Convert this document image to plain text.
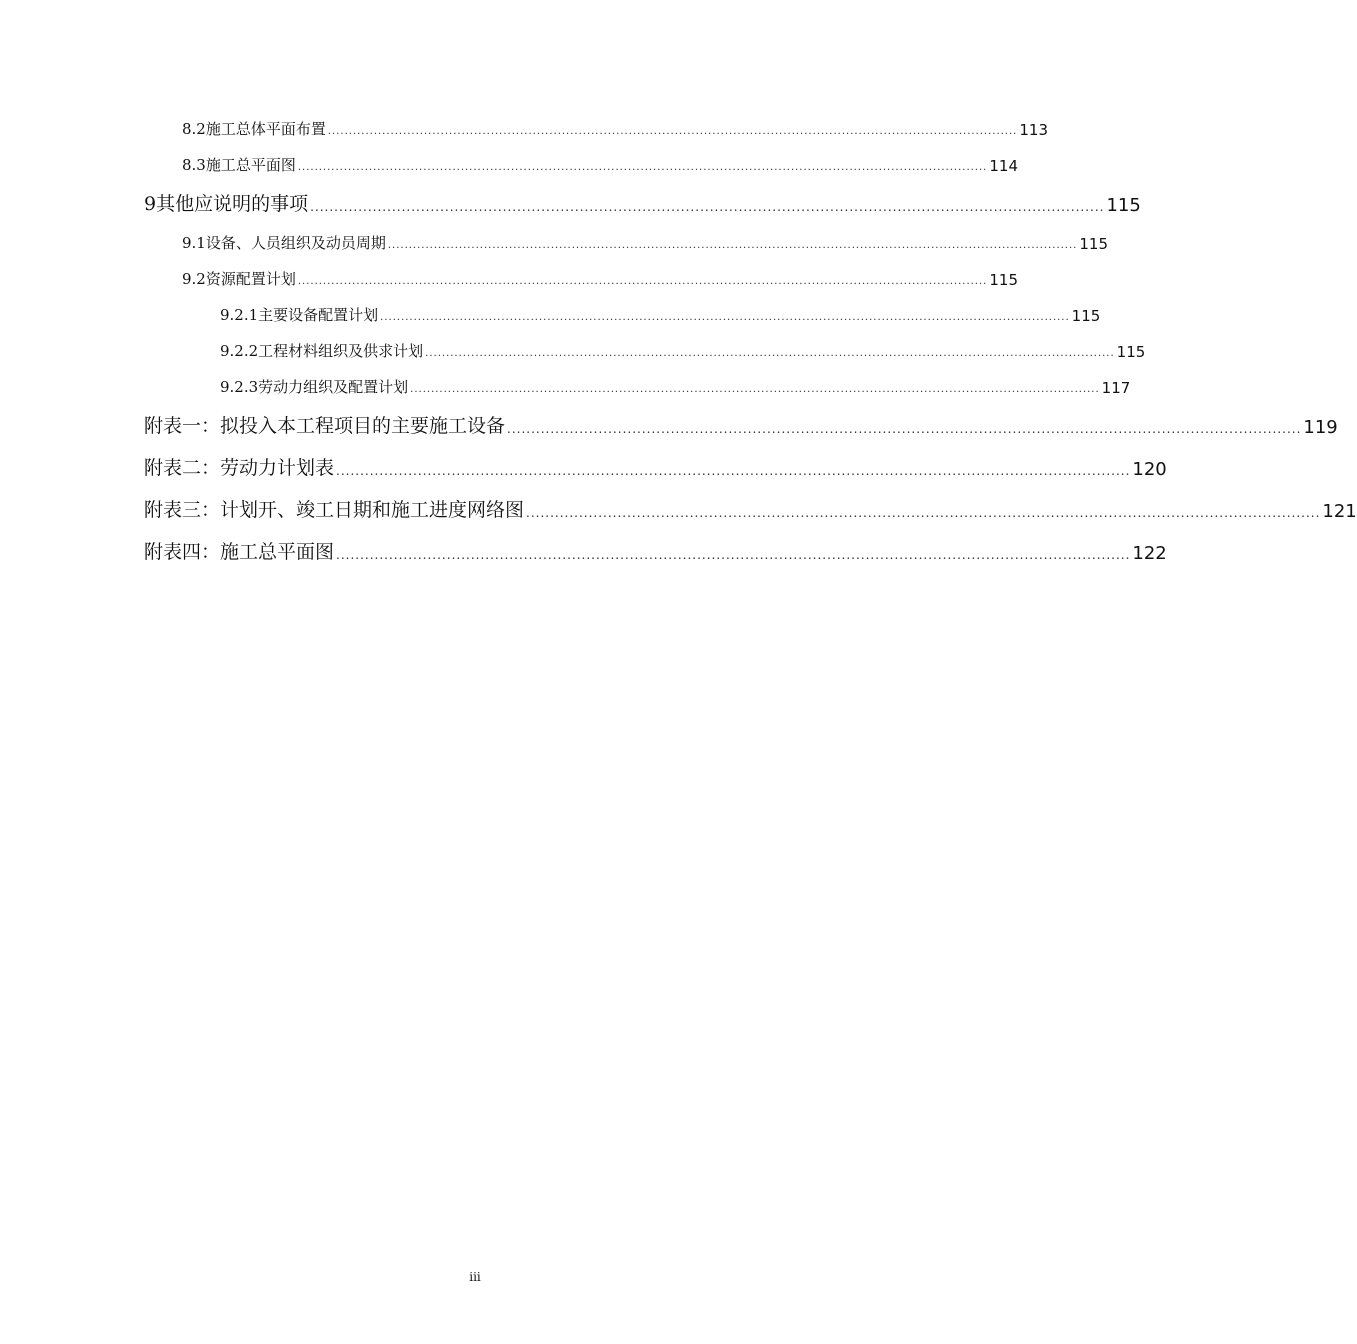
8.2施工总体平面布置 ..................................................................................................................................................................... 113
8.3施工总平面图 ..................................................................................................................................................................... 114
9其他应说明的事项 ..................................................................................................................................................................... 115
9.1设备、人员组织及动员周期 ..................................................................................................................................................................... 115
9.2资源配置计划 ..................................................................................................................................................................... 115
9.2.1主要设备配置计划 ..................................................................................................................................................................... 115
9.2.2工程材料组织及供求计划 ..................................................................................................................................................................... 115
9.2.3劳动力组织及配置计划 ..................................................................................................................................................................... 117
附表一：拟投入本工程项目的主要施工设备 ..................................................................................................................................................................... 119
附表二：劳动力计划表 ..................................................................................................................................................................... 120
附表三：计划开、竣工日期和施工进度网络图 ..................................................................................................................................................................... 121
附表四：施工总平面图 ..................................................................................................................................................................... 122
iii
